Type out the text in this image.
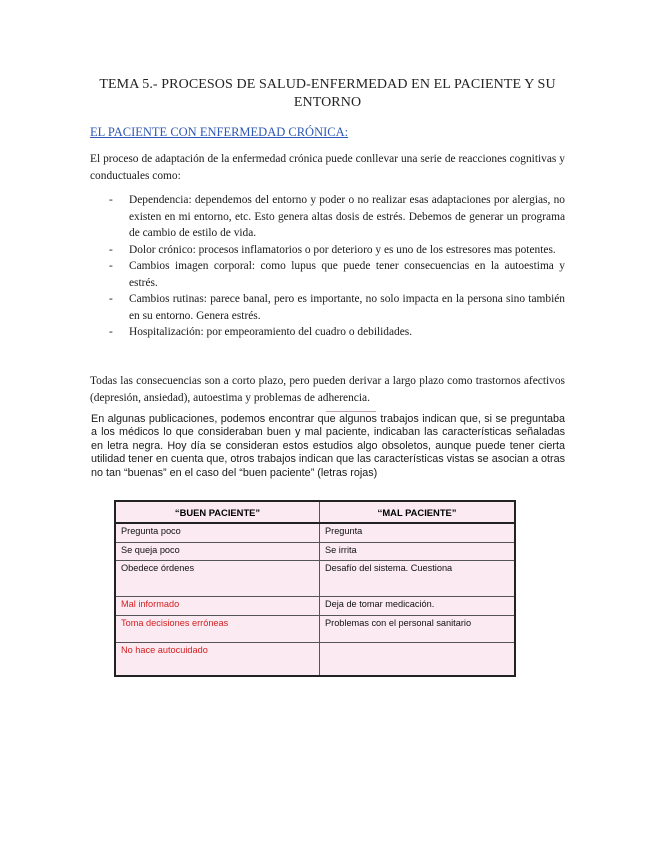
TEMA 5.- PROCESOS DE SALUD-ENFERMEDAD EN EL PACIENTE Y SU ENTORNO
EL PACIENTE CON ENFERMEDAD CRÓNICA:
El proceso de adaptación de la enfermedad crónica puede conllevar una serie de reacciones cognitivas y conductuales como:
- Dependencia: dependemos del entorno y poder o no realizar esas adaptaciones por alergias, no existen en mi entorno, etc. Esto genera altas dosis de estrés. Debemos de generar un programa de cambio de estilo de vida.
- Dolor crónico: procesos inflamatorios o por deterioro y es uno de los estresores mas potentes.
- Cambios imagen corporal: como lupus que puede tener consecuencias en la autoestima y estrés.
- Cambios rutinas: parece banal, pero es importante, no solo impacta en la persona sino también en su entorno. Genera estrés.
- Hospitalización: por empeoramiento del cuadro o debilidades.
Todas las consecuencias son a corto plazo, pero pueden derivar a largo plazo como trastornos afectivos (depresión, ansiedad), autoestima y problemas de adherencia.
En algunas publicaciones, podemos encontrar que algunos trabajos indican que, si se preguntaba a los médicos lo que consideraban buen y mal paciente, indicaban las características señaladas en letra negra. Hoy día se consideran estos estudios algo obsoletos, aunque puede tener cierta utilidad tener en cuenta que, otros trabajos indican que las características vistas se asocian a otras no tan “buenas” en el caso del “buen paciente” (letras rojas)
“BUEN PACIENTE”	‘‘MAL PACIENTE”
Pregunta poco	Pregunta
Se queja poco	Se irrita
Obedece órdenes	Desafío del sistema. Cuestiona
Mal informado	Deja de tomar medicación.
Toma decisiones erróneas	Problemas con el personal sanitario
No hace autocuidado	
